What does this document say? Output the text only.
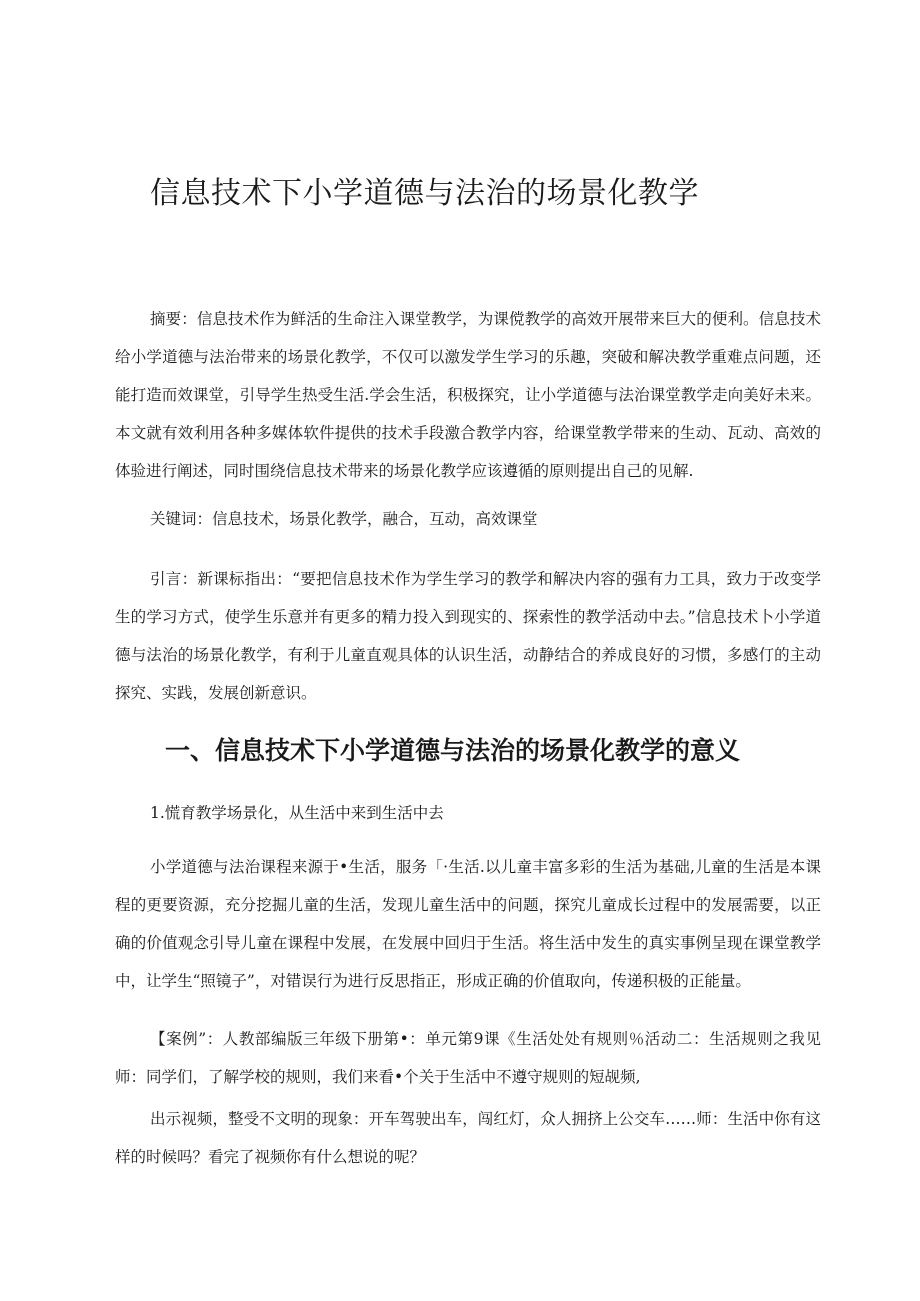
信息技术下小学道德与法治的场景化教学

摘要：信息技术作为鲜活的生命注入课堂教学，为课傥教学的高效开展带来巨大的便利。信息技术给小学道德与法治带来的场景化教学，不仅可以激发学生学习的乐趣，突破和解决教学重难点问题，还能打造而效课堂，引导学生热受生活.学会生活，积极探究，让小学道德与法治课堂教学走向美好未来。本文就有效利用各种多媒体软件提供的技术手段激合教学内容，给课堂教学带来的生动、瓦动、高效的体验进行阐述，同时围绕信息技术带来的场景化教学应该遵循的原则提出自己的见解.

关键词：信息技术，场景化教学，融合，互动，高效课堂

引言：新课标指出：“要把信息技术作为学生学习的教学和解决内容的强有力工具，致力于改变学生的学习方式，使学生乐意并有更多的精力投入到现实的、探索性的教学活动中去。”信息技术卜小学道德与法治的场景化教学，有利于儿童直观具体的认识生活，动静结合的养成良好的习惯，多感仃的主动探究、实践，发展创新意识。

一、信息技术下小学道德与法治的场景化教学的意义
1.慌育教学场景化，从生活中来到生活中去

小学道德与法治课程来源于•生活，服务「·生活.以儿童丰富多彩的生活为基础,儿童的生活是本课程的更要资源，充分挖掘儿童的生活，发现儿童生活中的问题，探究儿童成长过程中的发展需要，以正确的价值观念引导儿童在课程中发展，在发展中回归于生活。将生活中发生的真实事例呈现在课堂教学中，让学生“照镜子”，对错误行为进行反思指正，形成正确的价值取向，传递积极的正能量。

【案例”：人教部编版三年级下册第•：单元第9课《生活处处有规则％活动二：生活规则之我见师：同学们，了解学校的规则，我们来看•个关于生活中不遵守规则的短觇频,

出示视频，整受不文明的现象：开车驾驶出车，闯红灯，众人拥挤上公交车……师：生活中你有这样的时候吗？看完了视频你有什么想说的呢？
